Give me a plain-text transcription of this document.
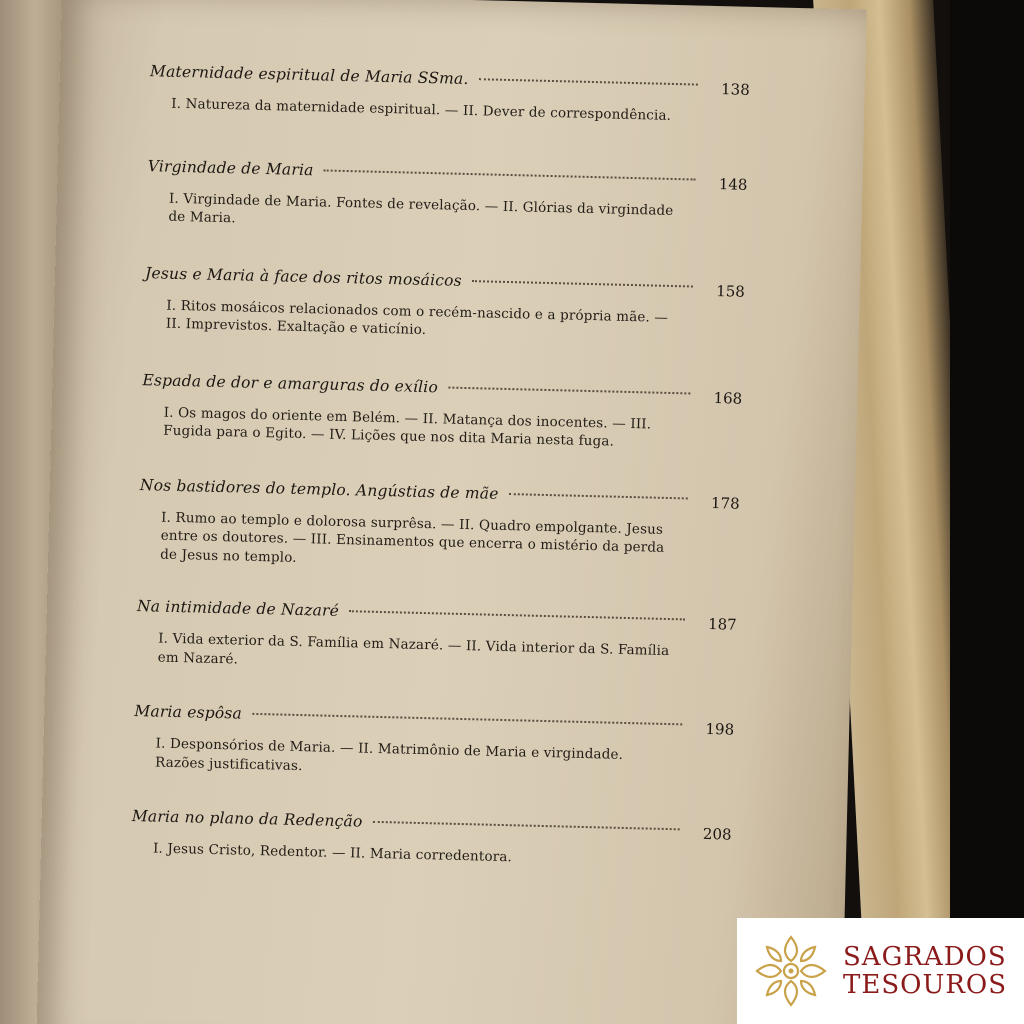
Maternidade espiritual de Maria SSma.
138
I. Natureza da maternidade espiritual. — II. Dever de correspondência.
Virgindade de Maria
148
I. Virgindade de Maria. Fontes de revelação. — II. Glórias da virgindade de Maria.
Jesus e Maria à face dos ritos mosáicos
158
I. Ritos mosáicos relacionados com o recém-nascido e a própria mãe. — II. Imprevistos. Exaltação e vaticínio.
Espada de dor e amarguras do exílio
168
I. Os magos do oriente em Belém. — II. Matança dos inocentes. — III. Fugida para o Egito. — IV. Lições que nos dita Maria nesta fuga.
Nos bastidores do templo. Angústias de mãe
178
I. Rumo ao templo e dolorosa surprêsa. — II. Quadro empolgante. Jesus entre os doutores. — III. Ensinamentos que encerra o mistério da perda de Jesus no templo.
Na intimidade de Nazaré
187
I. Vida exterior da S. Família em Nazaré. — II. Vida interior da S. Família em Nazaré.
Maria espôsa
198
I. Desponsórios de Maria. — II. Matrimônio de Maria e virgindade. Razões justificativas.
Maria no plano da Redenção
208
I. Jesus Cristo, Redentor. — II. Maria corredentora.
SAGRADOS
TESOUROS
